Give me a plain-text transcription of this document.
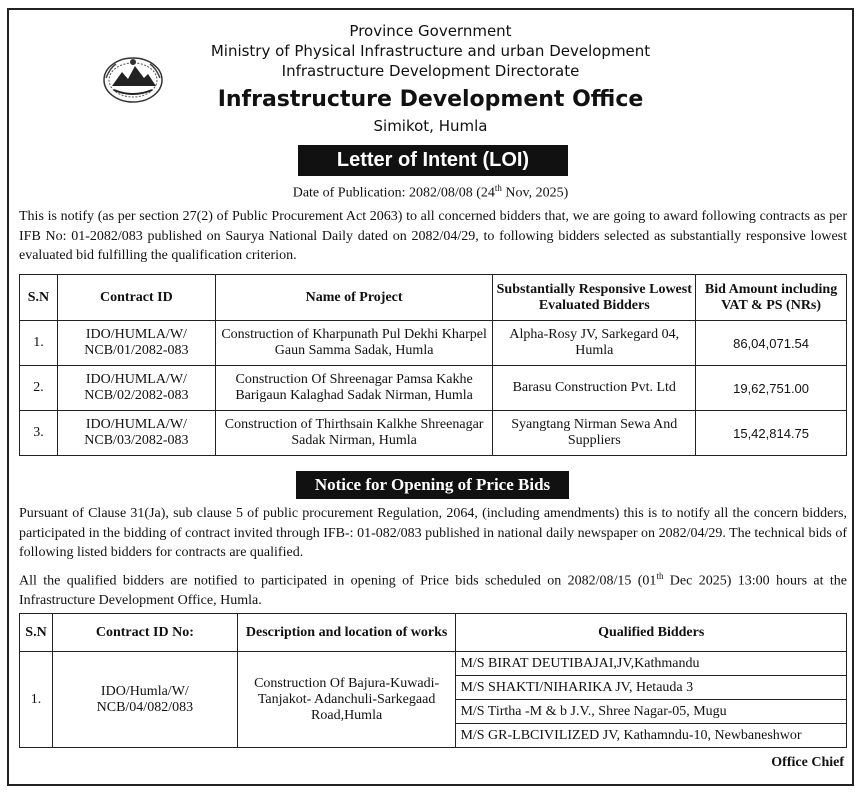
Province Government
Ministry of Physical Infrastructure and urban Development
Infrastructure Development Directorate
Infrastructure Development Office
Simikot, Humla
Letter of Intent (LOI)
Date of Publication: 2082/08/08 (24th Nov, 2025)
This is notify (as per section 27(2) of Public Procurement Act 2063) to all concerned bidders that, we are going to award following contracts as per IFB No: 01-2082/083 published on Saurya National Daily dated on 2082/04/29, to following bidders selected as substantially responsive lowest evaluated bid fulfilling the qualification criterion.
S.N	Contract ID	Name of Project	Substantially Responsive Lowest Evaluated Bidders	Bid Amount including VAT & PS (NRs)
1.	IDO/HUMLA/W/ NCB/01/2082-083	Construction of Kharpunath Pul Dekhi Kharpel Gaun Samma Sadak, Humla	Alpha-Rosy JV, Sarkegard 04, Humla	86,04,071.54
2.	IDO/HUMLA/W/ NCB/02/2082-083	Construction Of Shreenagar Pamsa Kakhe Barigaun Kalaghad Sadak Nirman, Humla	Barasu Construction Pvt. Ltd	19,62,751.00
3.	IDO/HUMLA/W/ NCB/03/2082-083	Construction of Thirthsain Kalkhe Shreenagar Sadak Nirman, Humla	Syangtang Nirman Sewa And Suppliers	15,42,814.75
Notice for Opening of Price Bids
Pursuant of Clause 31(Ja), sub clause 5 of public procurement Regulation, 2064, (including amendments) this is to notify all the concern bidders, participated in the bidding of contract invited through IFB-: 01-082/083 published in national daily newspaper on 2082/04/29. The technical bids of following listed bidders for contracts are qualified.
All the qualified bidders are notified to participated in opening of Price bids scheduled on 2082/08/15 (01th Dec 2025) 13:00 hours at the Infrastructure Development Office, Humla.
S.N	Contract ID No:	Description and location of works	Qualified Bidders
1.	IDO/Humla/W/ NCB/04/082/083	Construction Of Bajura-Kuwadi- Tanjakot- Adanchuli-Sarkegaad Road,Humla	M/S BIRAT DEUTIBAJAI,JV,Kathmandu
			M/S SHAKTI/NIHARIKA JV, Hetauda 3
			M/S Tirtha -M & b J.V., Shree Nagar-05, Mugu
			M/S GR-LBCIVILIZED JV, Kathamndu-10, Newbaneshwor
Office Chief
